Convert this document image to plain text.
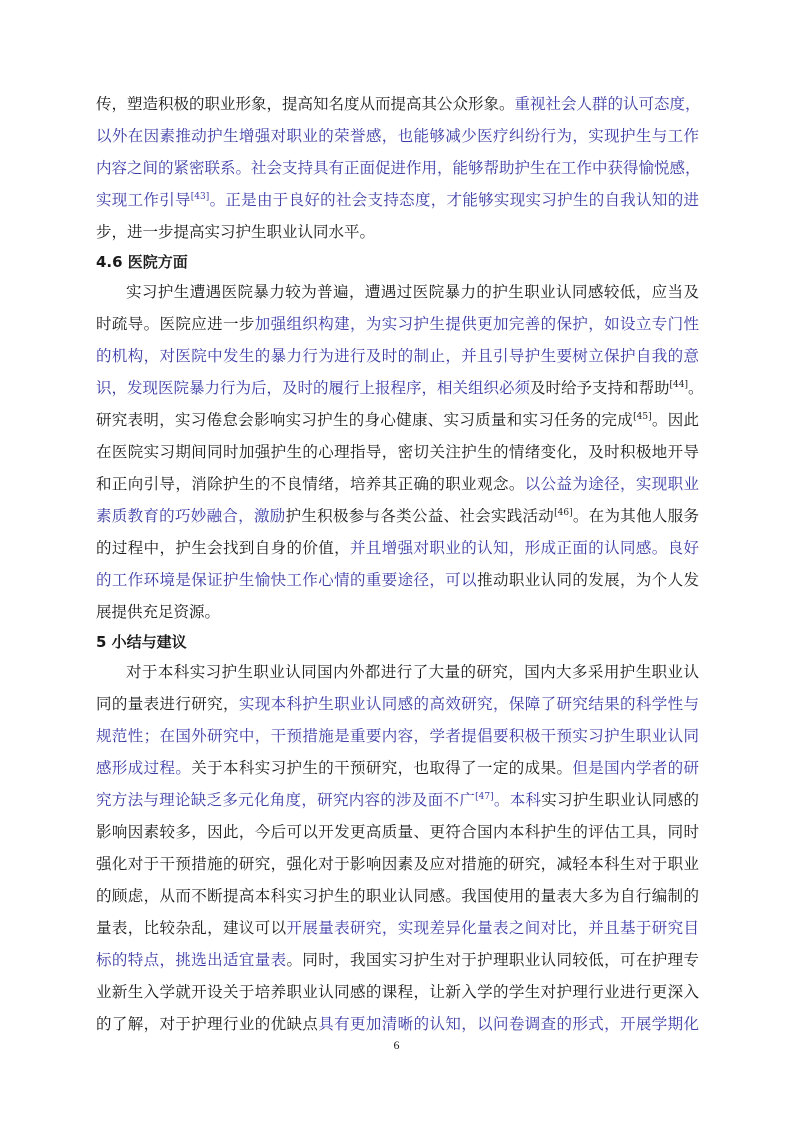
传，塑造积极的职业形象，提高知名度从而提高其公众形象。重视社会人群的认可态度，

以外在因素推动护生增强对职业的荣誉感，也能够减少医疗纠纷行为，实现护生与工作

内容之间的紧密联系。社会支持具有正面促进作用，能够帮助护生在工作中获得愉悦感，

实现工作引导[43]。正是由于良好的社会支持态度，才能够实现实习护生的自我认知的进

步，进一步提高实习护生职业认同水平。

4.6 医院方面

实习护生遭遇医院暴力较为普遍，遭遇过医院暴力的护生职业认同感较低，应当及

时疏导。医院应进一步加强组织构建，为实习护生提供更加完善的保护，如设立专门性

的机构，对医院中发生的暴力行为进行及时的制止，并且引导护生要树立保护自我的意

识，发现医院暴力行为后，及时的履行上报程序，相关组织必须及时给予支持和帮助[44]。

研究表明，实习倦怠会影响实习护生的身心健康、实习质量和实习任务的完成[45]。因此

在医院实习期间同时加强护生的心理指导，密切关注护生的情绪变化，及时积极地开导

和正向引导，消除护生的不良情绪，培养其正确的职业观念。以公益为途径，实现职业

素质教育的巧妙融合，激励护生积极参与各类公益、社会实践活动[46]。在为其他人服务

的过程中，护生会找到自身的价值，并且增强对职业的认知，形成正面的认同感。良好

的工作环境是保证护生愉快工作心情的重要途径，可以推动职业认同的发展，为个人发

展提供充足资源。

5 小结与建议

对于本科实习护生职业认同国内外都进行了大量的研究，国内大多采用护生职业认

同的量表进行研究，实现本科护生职业认同感的高效研究，保障了研究结果的科学性与

规范性；在国外研究中，干预措施是重要内容，学者提倡要积极干预实习护生职业认同

感形成过程。关于本科实习护生的干预研究，也取得了一定的成果。但是国内学者的研

究方法与理论缺乏多元化角度，研究内容的涉及面不广[47]。本科实习护生职业认同感的

影响因素较多，因此，今后可以开发更高质量、更符合国内本科护生的评估工具，同时

强化对于干预措施的研究，强化对于影响因素及应对措施的研究，减轻本科生对于职业

的顾虑，从而不断提高本科实习护生的职业认同感。我国使用的量表大多为自行编制的

量表，比较杂乱，建议可以开展量表研究，实现差异化量表之间对比，并且基于研究目

标的特点，挑选出适宜量表。同时，我国实习护生对于护理职业认同较低，可在护理专

业新生入学就开设关于培养职业认同感的课程，让新入学的学生对护理行业进行更深入

的了解，对于护理行业的优缺点具有更加清晰的认知，以问卷调查的形式，开展学期化

6
